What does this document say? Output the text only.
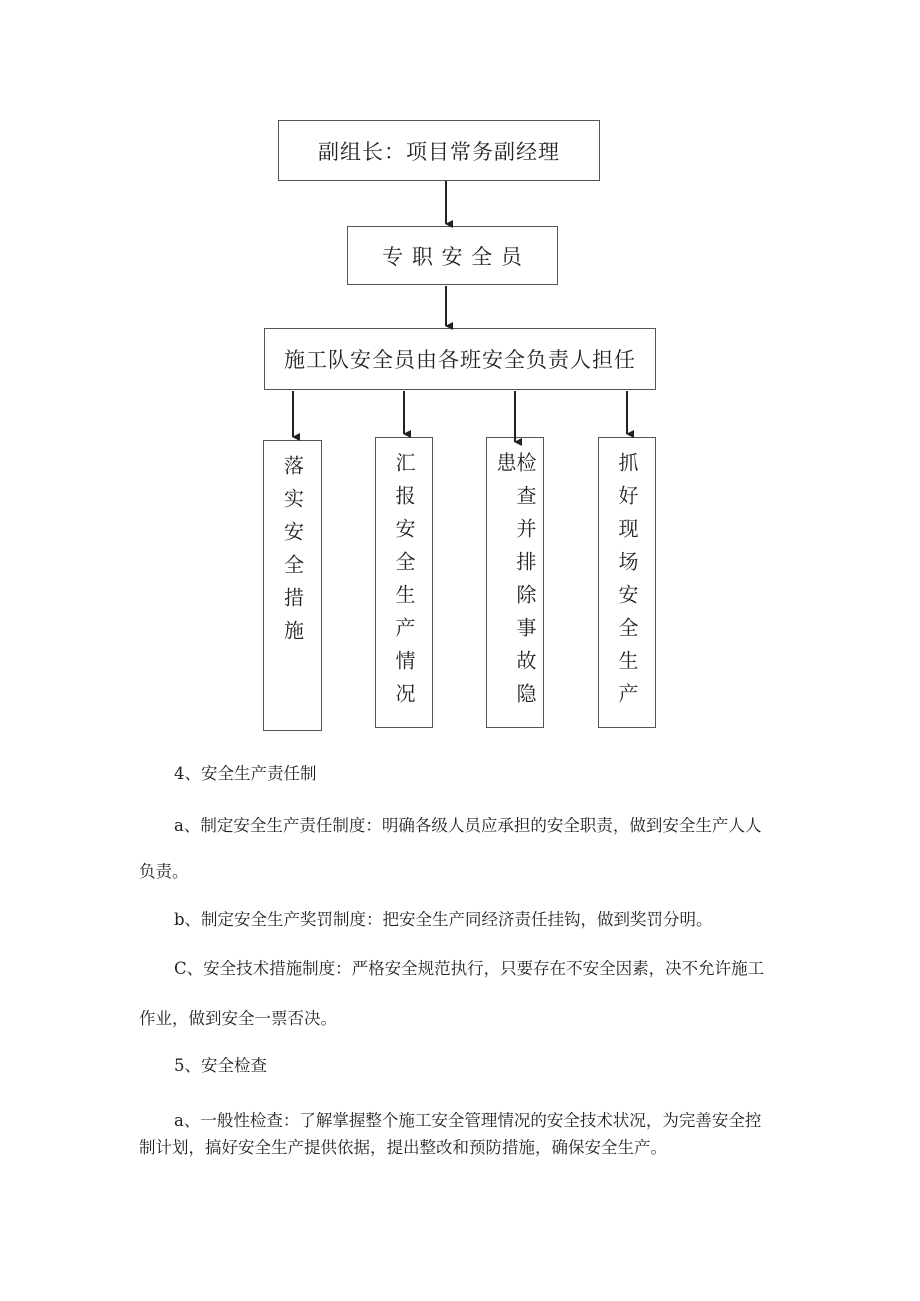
副组长：项目常务副经理
专 职 安 全 员
施工队安全员由各班安全负责人担任
落实安全措施	汇报安全生产情况	检查并排除事故隐患	抓好现场安全生产
4、安全生产责任制
a、制定安全生产责任制度：明确各级人员应承担的安全职责，做到安全生产人人
负责。
b、制定安全生产奖罚制度：把安全生产同经济责任挂钩，做到奖罚分明。
C、安全技术措施制度：严格安全规范执行，只要存在不安全因素，决不允许施工
作业，做到安全一票否决。
5、安全检查
a、一般性检查：了解掌握整个施工安全管理情况的安全技术状况，为完善安全控
制计划，搞好安全生产提供依据，提出整改和预防措施，确保安全生产。
